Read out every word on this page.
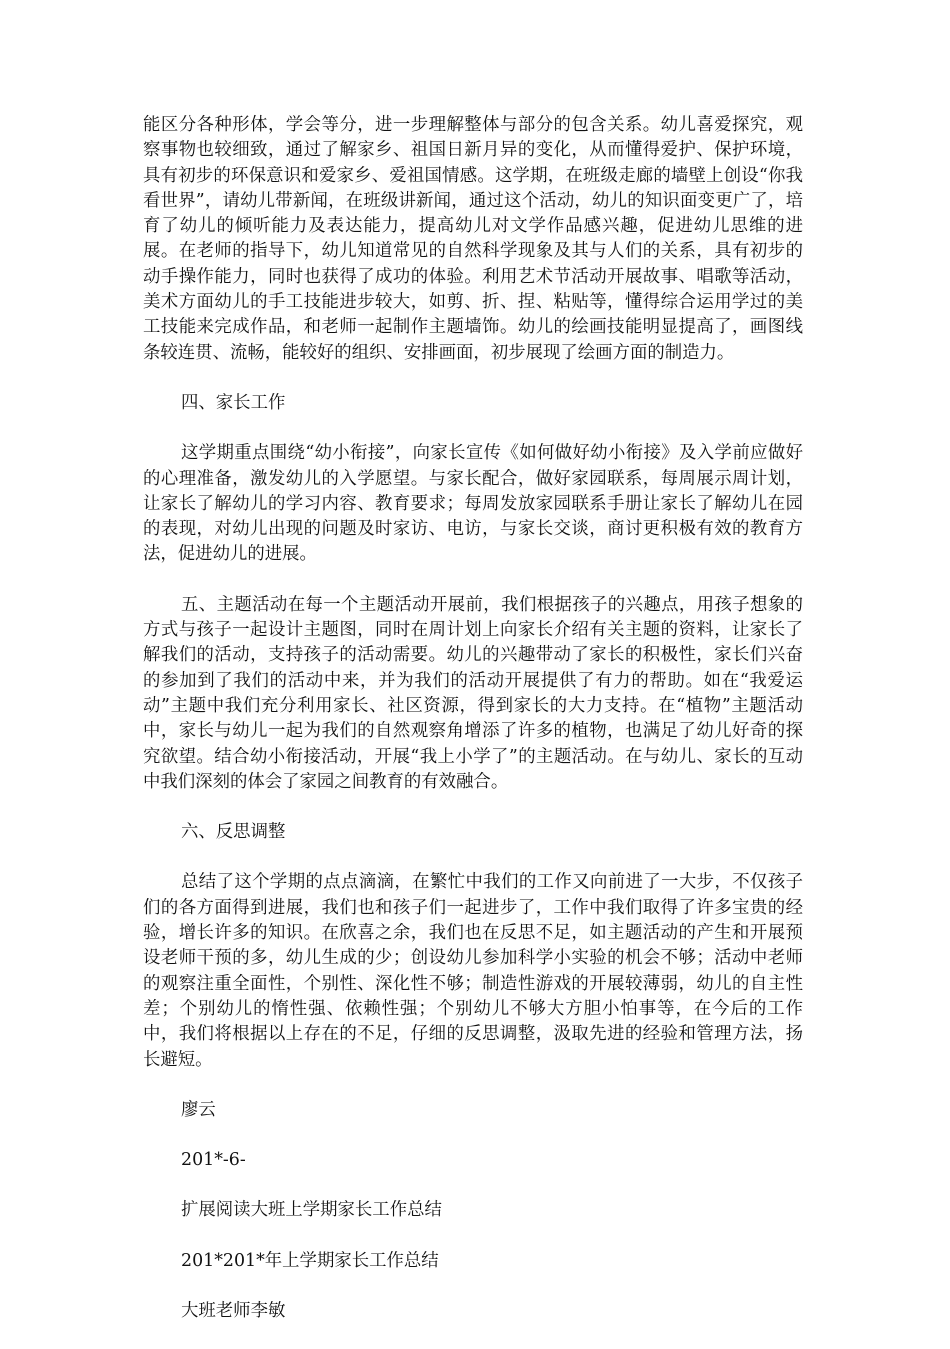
能区分各种形体，学会等分，进一步理解整体与部分的包含关系。幼儿喜爱探究，观察事物也较细致，通过了解家乡、祖国日新月异的变化，从而懂得爱护、保护环境，具有初步的环保意识和爱家乡、爱祖国情感。这学期，在班级走廊的墙壁上创设“你我看世界”，请幼儿带新闻，在班级讲新闻，通过这个活动，幼儿的知识面变更广了，培育了幼儿的倾听能力及表达能力，提高幼儿对文学作品感兴趣，促进幼儿思维的进展。在老师的指导下，幼儿知道常见的自然科学现象及其与人们的关系，具有初步的动手操作能力，同时也获得了成功的体验。利用艺术节活动开展故事、唱歌等活动，美术方面幼儿的手工技能进步较大，如剪、折、捏、粘贴等，懂得综合运用学过的美工技能来完成作品，和老师一起制作主题墙饰。幼儿的绘画技能明显提高了，画图线条较连贯、流畅，能较好的组织、安排画面，初步展现了绘画方面的制造力。

四、家长工作

这学期重点围绕“幼小衔接”，向家长宣传《如何做好幼小衔接》及入学前应做好的心理准备，激发幼儿的入学愿望。与家长配合，做好家园联系，每周展示周计划，让家长了解幼儿的学习内容、教育要求；每周发放家园联系手册让家长了解幼儿在园的表现，对幼儿出现的问题及时家访、电访，与家长交谈，商讨更积极有效的教育方法，促进幼儿的进展。

五、主题活动在每一个主题活动开展前，我们根据孩子的兴趣点，用孩子想象的方式与孩子一起设计主题图，同时在周计划上向家长介绍有关主题的资料，让家长了解我们的活动，支持孩子的活动需要。幼儿的兴趣带动了家长的积极性，家长们兴奋的参加到了我们的活动中来，并为我们的活动开展提供了有力的帮助。如在“我爱运动”主题中我们充分利用家长、社区资源，得到家长的大力支持。在“植物”主题活动中，家长与幼儿一起为我们的自然观察角增添了许多的植物，也满足了幼儿好奇的探究欲望。结合幼小衔接活动，开展“我上小学了”的主题活动。在与幼儿、家长的互动中我们深刻的体会了家园之间教育的有效融合。

六、反思调整

总结了这个学期的点点滴滴，在繁忙中我们的工作又向前进了一大步，不仅孩子们的各方面得到进展，我们也和孩子们一起进步了，工作中我们取得了许多宝贵的经验，增长许多的知识。在欣喜之余，我们也在反思不足，如主题活动的产生和开展预设老师干预的多，幼儿生成的少；创设幼儿参加科学小实验的机会不够；活动中老师的观察注重全面性，个别性、深化性不够；制造性游戏的开展较薄弱，幼儿的自主性差；个别幼儿的惰性强、依赖性强；个别幼儿不够大方胆小怕事等，在今后的工作中，我们将根据以上存在的不足，仔细的反思调整，汲取先进的经验和管理方法，扬长避短。

廖云

201*-6-

扩展阅读大班上学期家长工作总结

201*201*年上学期家长工作总结

大班老师李敏
